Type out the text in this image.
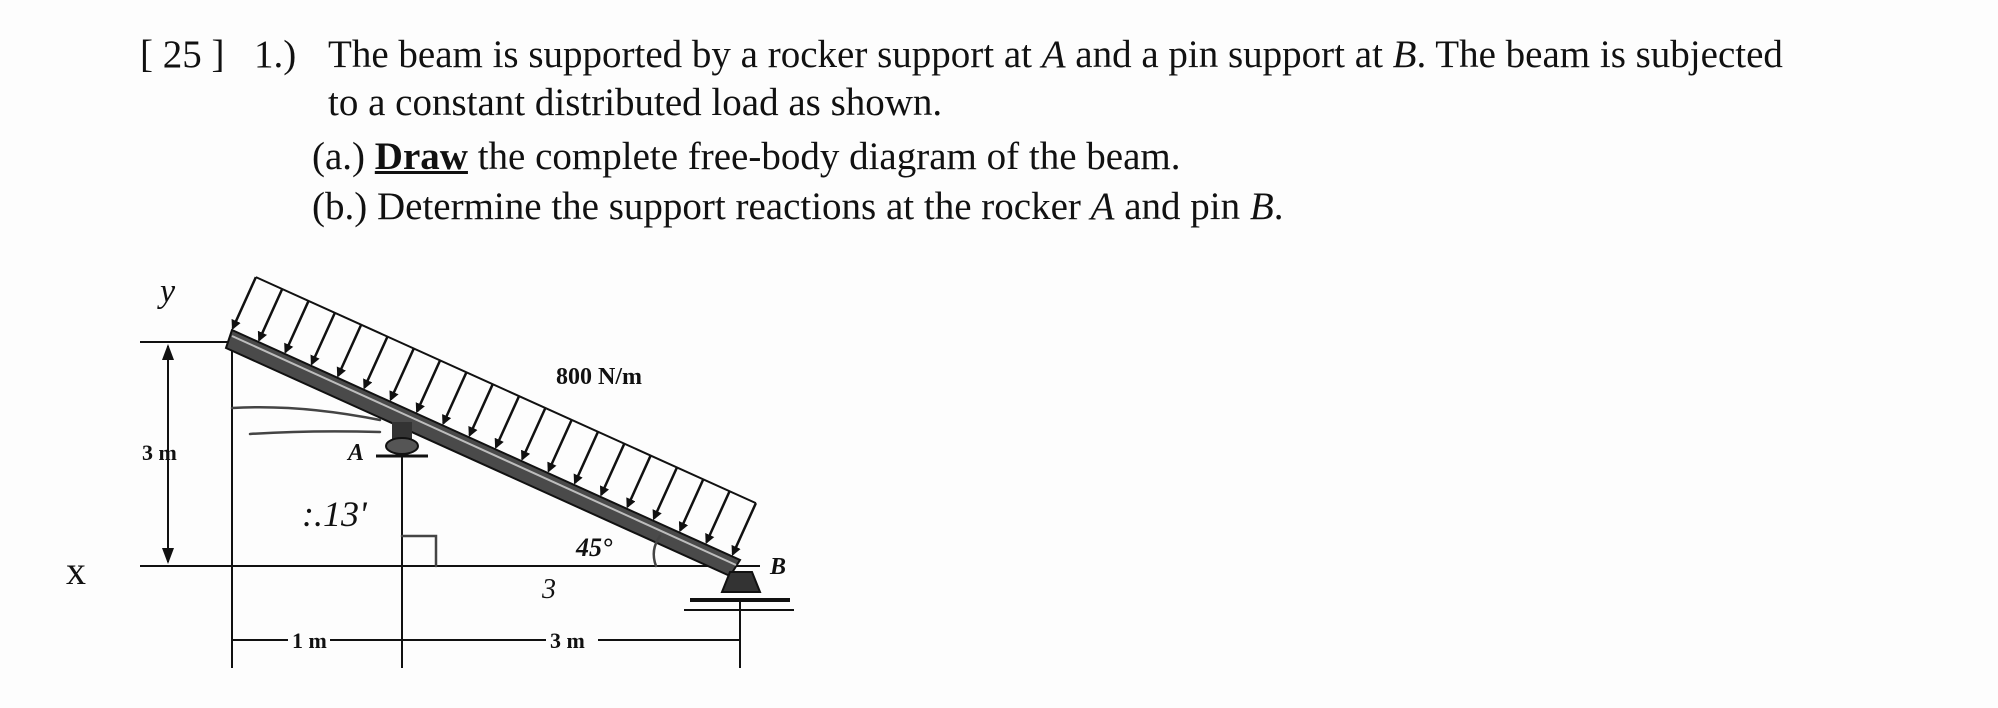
[ 25 ] 1.) The beam is supported by a rocker support at A and a pin support at B. The beam is subjected
to a constant distributed load as shown.
(a.) Draw the complete free-body diagram of the beam.
(b.) Determine the support reactions at the rocker A and pin B.
3 m
1 m	3 m
800 N/m
A
B
y
x
:.13'
45°
3
